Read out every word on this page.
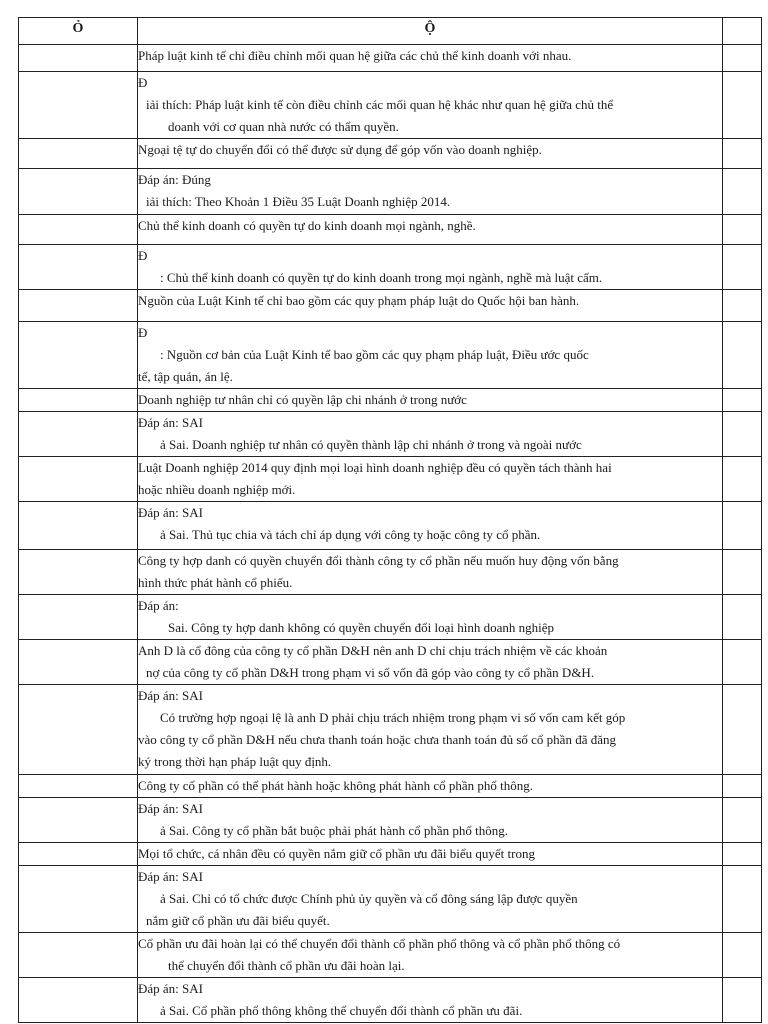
Ỏ	Ộ	

	Pháp luật kinh tế chỉ điều chỉnh mối quan hệ giữa các chủ thể kinh doanh với nhau.	

	Đ
iải thích: Pháp luật kinh tế còn điều chỉnh các mối quan hệ khác như quan hệ giữa chủ thể
doanh với cơ quan nhà nước có thẩm quyền.	

	Ngoại tệ tự do chuyển đổi có thể được sử dụng để góp vốn vào doanh nghiệp.	

	Đáp án: Đúng
iải thích: Theo Khoản 1 Điều 35 Luật Doanh nghiệp 2014.	

	Chủ thể kinh doanh có quyền tự do kinh doanh mọi ngành, nghề.	

	Đ
: Chủ thể kinh doanh có quyền tự do kinh doanh trong mọi ngành, nghề mà luật cấm.	

	Nguồn của Luật Kinh tế chỉ bao gồm các quy phạm pháp luật do Quốc hội ban hành.	

	Đ
: Nguồn cơ bản của Luật Kinh tế bao gồm các quy phạm pháp luật, Điều ước quốc
tế, tập quán, án lệ.	

	Doanh nghiệp tư nhân chỉ có quyền lập chi nhánh ở trong nước	

	Đáp án: SAI
ả Sai. Doanh nghiệp tư nhân có quyền thành lập chi nhánh ở trong và ngoài nước	

	Luật Doanh nghiệp 2014 quy định mọi loại hình doanh nghiệp đều có quyền tách thành hai
hoặc nhiều doanh nghiệp mới.	

	Đáp án: SAI
ả Sai. Thủ tục chia và tách chỉ áp dụng với công ty hoặc công ty cổ phần.	

	Công ty hợp danh có quyền chuyển đổi thành công ty cổ phần nếu muốn huy động vốn bằng
hình thức phát hành cổ phiếu.	

	Đáp án:
Sai. Công ty hợp danh không có quyền chuyển đổi loại hình doanh nghiệp	

	Anh D là cổ đông của công ty cổ phần D&H nên anh D chỉ chịu trách nhiệm về các khoản
nợ của công ty cổ phần D&H trong phạm vi số vốn đã góp vào công ty cổ phần D&H.	

	Đáp án: SAI
Có trường hợp ngoại lệ là anh D phải chịu trách nhiệm trong phạm vi số vốn cam kết góp
vào công ty cổ phần D&H nếu chưa thanh toán hoặc chưa thanh toán đủ số cổ phần đã đăng
ký trong thời hạn pháp luật quy định.	

	Công ty cổ phần có thể phát hành hoặc không phát hành cổ phần phổ thông.	

	Đáp án: SAI
ả Sai. Công ty cổ phần bắt buộc phải phát hành cổ phần phổ thông.	

	Mọi tổ chức, cá nhân đều có quyền nắm giữ cổ phần ưu đãi biểu quyết trong	

	Đáp án: SAI
ả Sai. Chỉ có tổ chức được Chính phủ ủy quyền và cổ đông sáng lập được quyền
nắm giữ cổ phần ưu đãi biểu quyết.	

	Cổ phần ưu đãi hoàn lại có thể chuyển đổi thành cổ phần phổ thông và cổ phần phổ thông có
thể chuyển đổi thành cổ phần ưu đãi hoàn lại.	

	Đáp án: SAI
ả Sai. Cổ phần phổ thông không thể chuyển đổi thành cổ phần ưu đãi.	
